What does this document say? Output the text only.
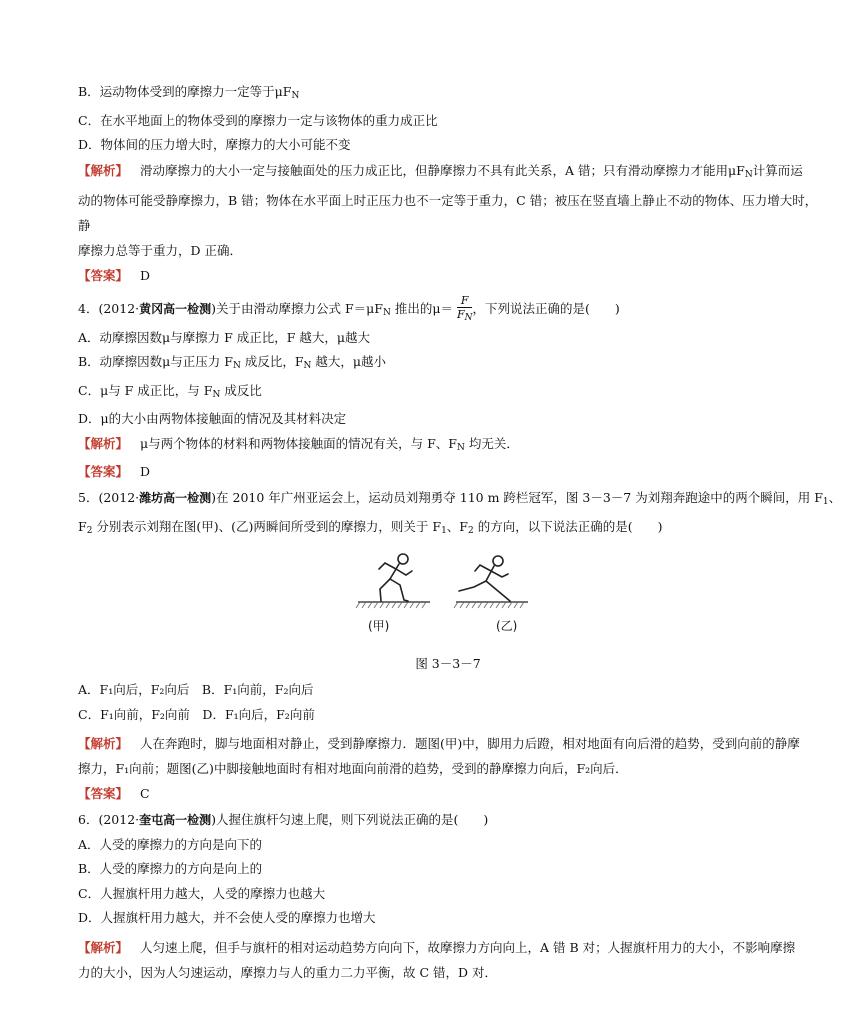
B．运动物体受到的摩擦力一定等于$\mu F_N$
C．在水平地面上的物体受到的摩擦力一定与该物体的重力成正比
D．物体间的压力增大时，摩擦力的大小可能不变
【解析】 滑动摩擦力的大小一定与接触面处的压力成正比，但静摩擦力不具有此关系，A 错；只有滑动摩擦力才能用$\mu F_N$计算而运
动的物体可能受静摩擦力，B 错；物体在水平面上时正压力也不一定等于重力，C 错；被压在竖直墙上静止不动的物体、压力增大时，静
摩擦力总等于重力，D 正确．
【答案】 D
4．(2012·黄冈高一检测)关于由滑动摩擦力公式 $F=\mu F_N$ 推出的$\mu= \frac{F}{F_N}$ ，下列说法正确的是(　　)
A．动摩擦因数μ与摩擦力 F 成正比，F 越大，μ越大
B．动摩擦因数μ与正压力 $F_N$ 成反比，$F_N$ 越大，μ越小
C．μ与 F 成正比，与 $F_N$ 成反比
D．μ的大小由两物体接触面的情况及其材料决定
【解析】 μ与两个物体的材料和两物体接触面的情况有关，与 F、$F_N$ 均无关．
【答案】 D
5．(2012·潍坊高一检测)在 2010 年广州亚运会上，运动员刘翔勇夺 110 m 跨栏冠军，图 3－3－7 为刘翔奔跑途中的两个瞬间，用 $F_1$、
$F_2$ 分别表示刘翔在图(甲)、(乙)两瞬间所受到的摩擦力，则关于 $F_1$、$F_2$ 的方向，以下说法正确的是(　　)
(甲)	(乙)
图 3－3－7
A．F₁向后，F₂向后　B．F₁向前，F₂向后
C．F₁向前，F₂向前　D．F₁向后，F₂向前
【解析】 人在奔跑时，脚与地面相对静止，受到静摩擦力．题图(甲)中，脚用力后蹬，相对地面有向后滑的趋势，受到向前的静摩
擦力，F₁向前；题图(乙)中脚接触地面时有相对地面向前滑的趋势，受到的静摩擦力向后，F₂向后．
【答案】 C
6．(2012·奎屯高一检测)人握住旗杆匀速上爬，则下列说法正确的是(　　)
A．人受的摩擦力的方向是向下的
B．人受的摩擦力的方向是向上的
C．人握旗杆用力越大，人受的摩擦力也越大
D．人握旗杆用力越大，并不会使人受的摩擦力也增大
【解析】 人匀速上爬，但手与旗杆的相对运动趋势方向向下，故摩擦力方向向上，A 错 B 对；人握旗杆用力的大小，不影响摩擦
力的大小，因为人匀速运动，摩擦力与人的重力二力平衡，故 C 错，D 对．
